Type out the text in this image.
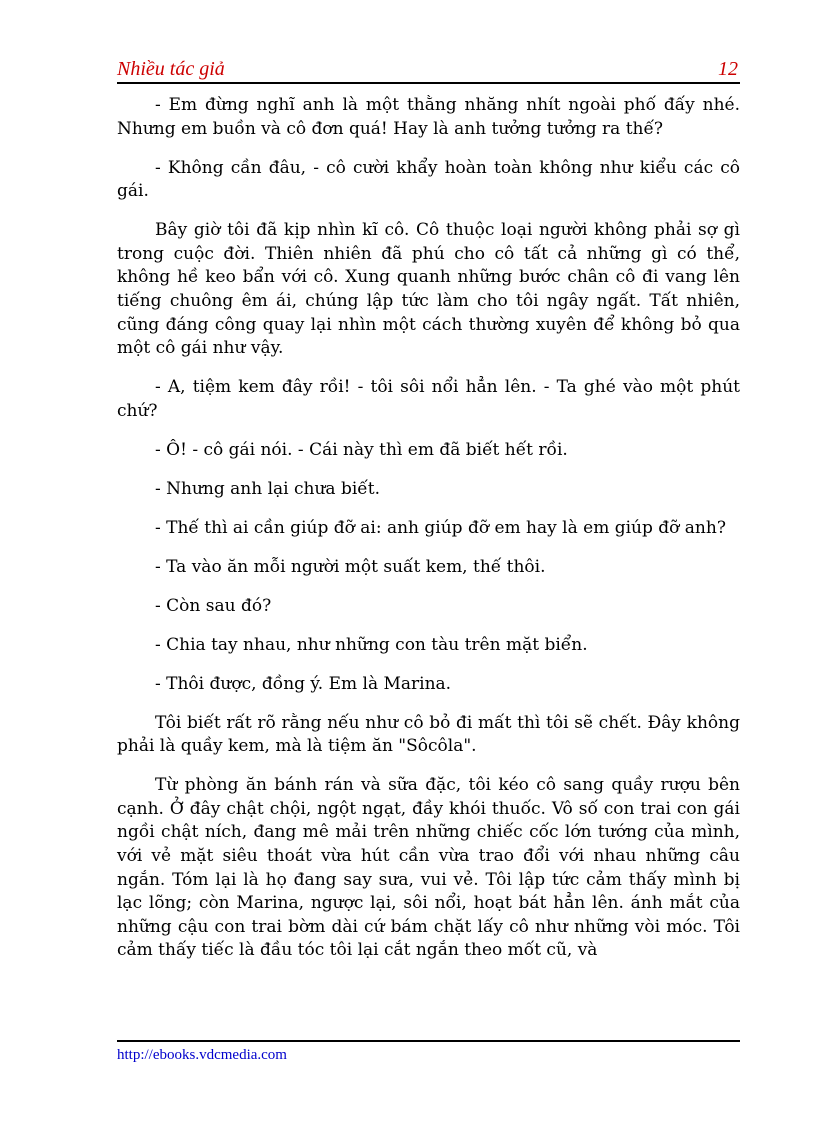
Nhiều tác giả	12

- Em đừng nghĩ anh là một thằng nhăng nhít ngoài phố đấy nhé. Nhưng em buồn và cô đơn quá! Hay là anh tưởng tưởng ra thế?

- Không cần đâu, - cô cười khẩy hoàn toàn không như kiểu các cô gái.

Bây giờ tôi đã kịp nhìn kĩ cô. Cô thuộc loại người không phải sợ gì trong cuộc đời. Thiên nhiên đã phú cho cô tất cả những gì có thể, không hề keo bẩn với cô. Xung quanh những bước chân cô đi vang lên tiếng chuông êm ái, chúng lập tức làm cho tôi ngây ngất. Tất nhiên, cũng đáng công quay lại nhìn một cách thường xuyên để không bỏ qua một cô gái như vậy.

- A, tiệm kem đây rồi! - tôi sôi nổi hẳn lên. - Ta ghé vào một phút chứ?

- Ô! - cô gái nói. - Cái này thì em đã biết hết rồi.

- Nhưng anh lại chưa biết.

- Thế thì ai cần giúp đỡ ai: anh giúp đỡ em hay là em giúp đỡ anh?

- Ta vào ăn mỗi người một suất kem, thế thôi.

- Còn sau đó?

- Chia tay nhau, như những con tàu trên mặt biển.

- Thôi được, đồng ý. Em là Marina.

Tôi biết rất rõ rằng nếu như cô bỏ đi mất thì tôi sẽ chết. Đây không phải là quầy kem, mà là tiệm ăn "Sôcôla".

Từ phòng ăn bánh rán và sữa đặc, tôi kéo cô sang quầy rượu bên cạnh. Ở đây chật chội, ngột ngạt, đầy khói thuốc. Vô số con trai con gái ngồi chật ních, đang mê mải trên những chiếc cốc lớn tướng của mình, với vẻ mặt siêu thoát vừa hút cần vừa trao đổi với nhau những câu ngắn. Tóm lại là họ đang say sưa, vui vẻ. Tôi lập tức cảm thấy mình bị lạc lõng; còn Marina, ngược lại, sôi nổi, hoạt bát hẳn lên. ánh mắt của những cậu con trai bờm dài cứ bám chặt lấy cô như những vòi móc. Tôi cảm thấy tiếc là đầu tóc tôi lại cắt ngắn theo mốt cũ, và

http://ebooks.vdcmedia.com
